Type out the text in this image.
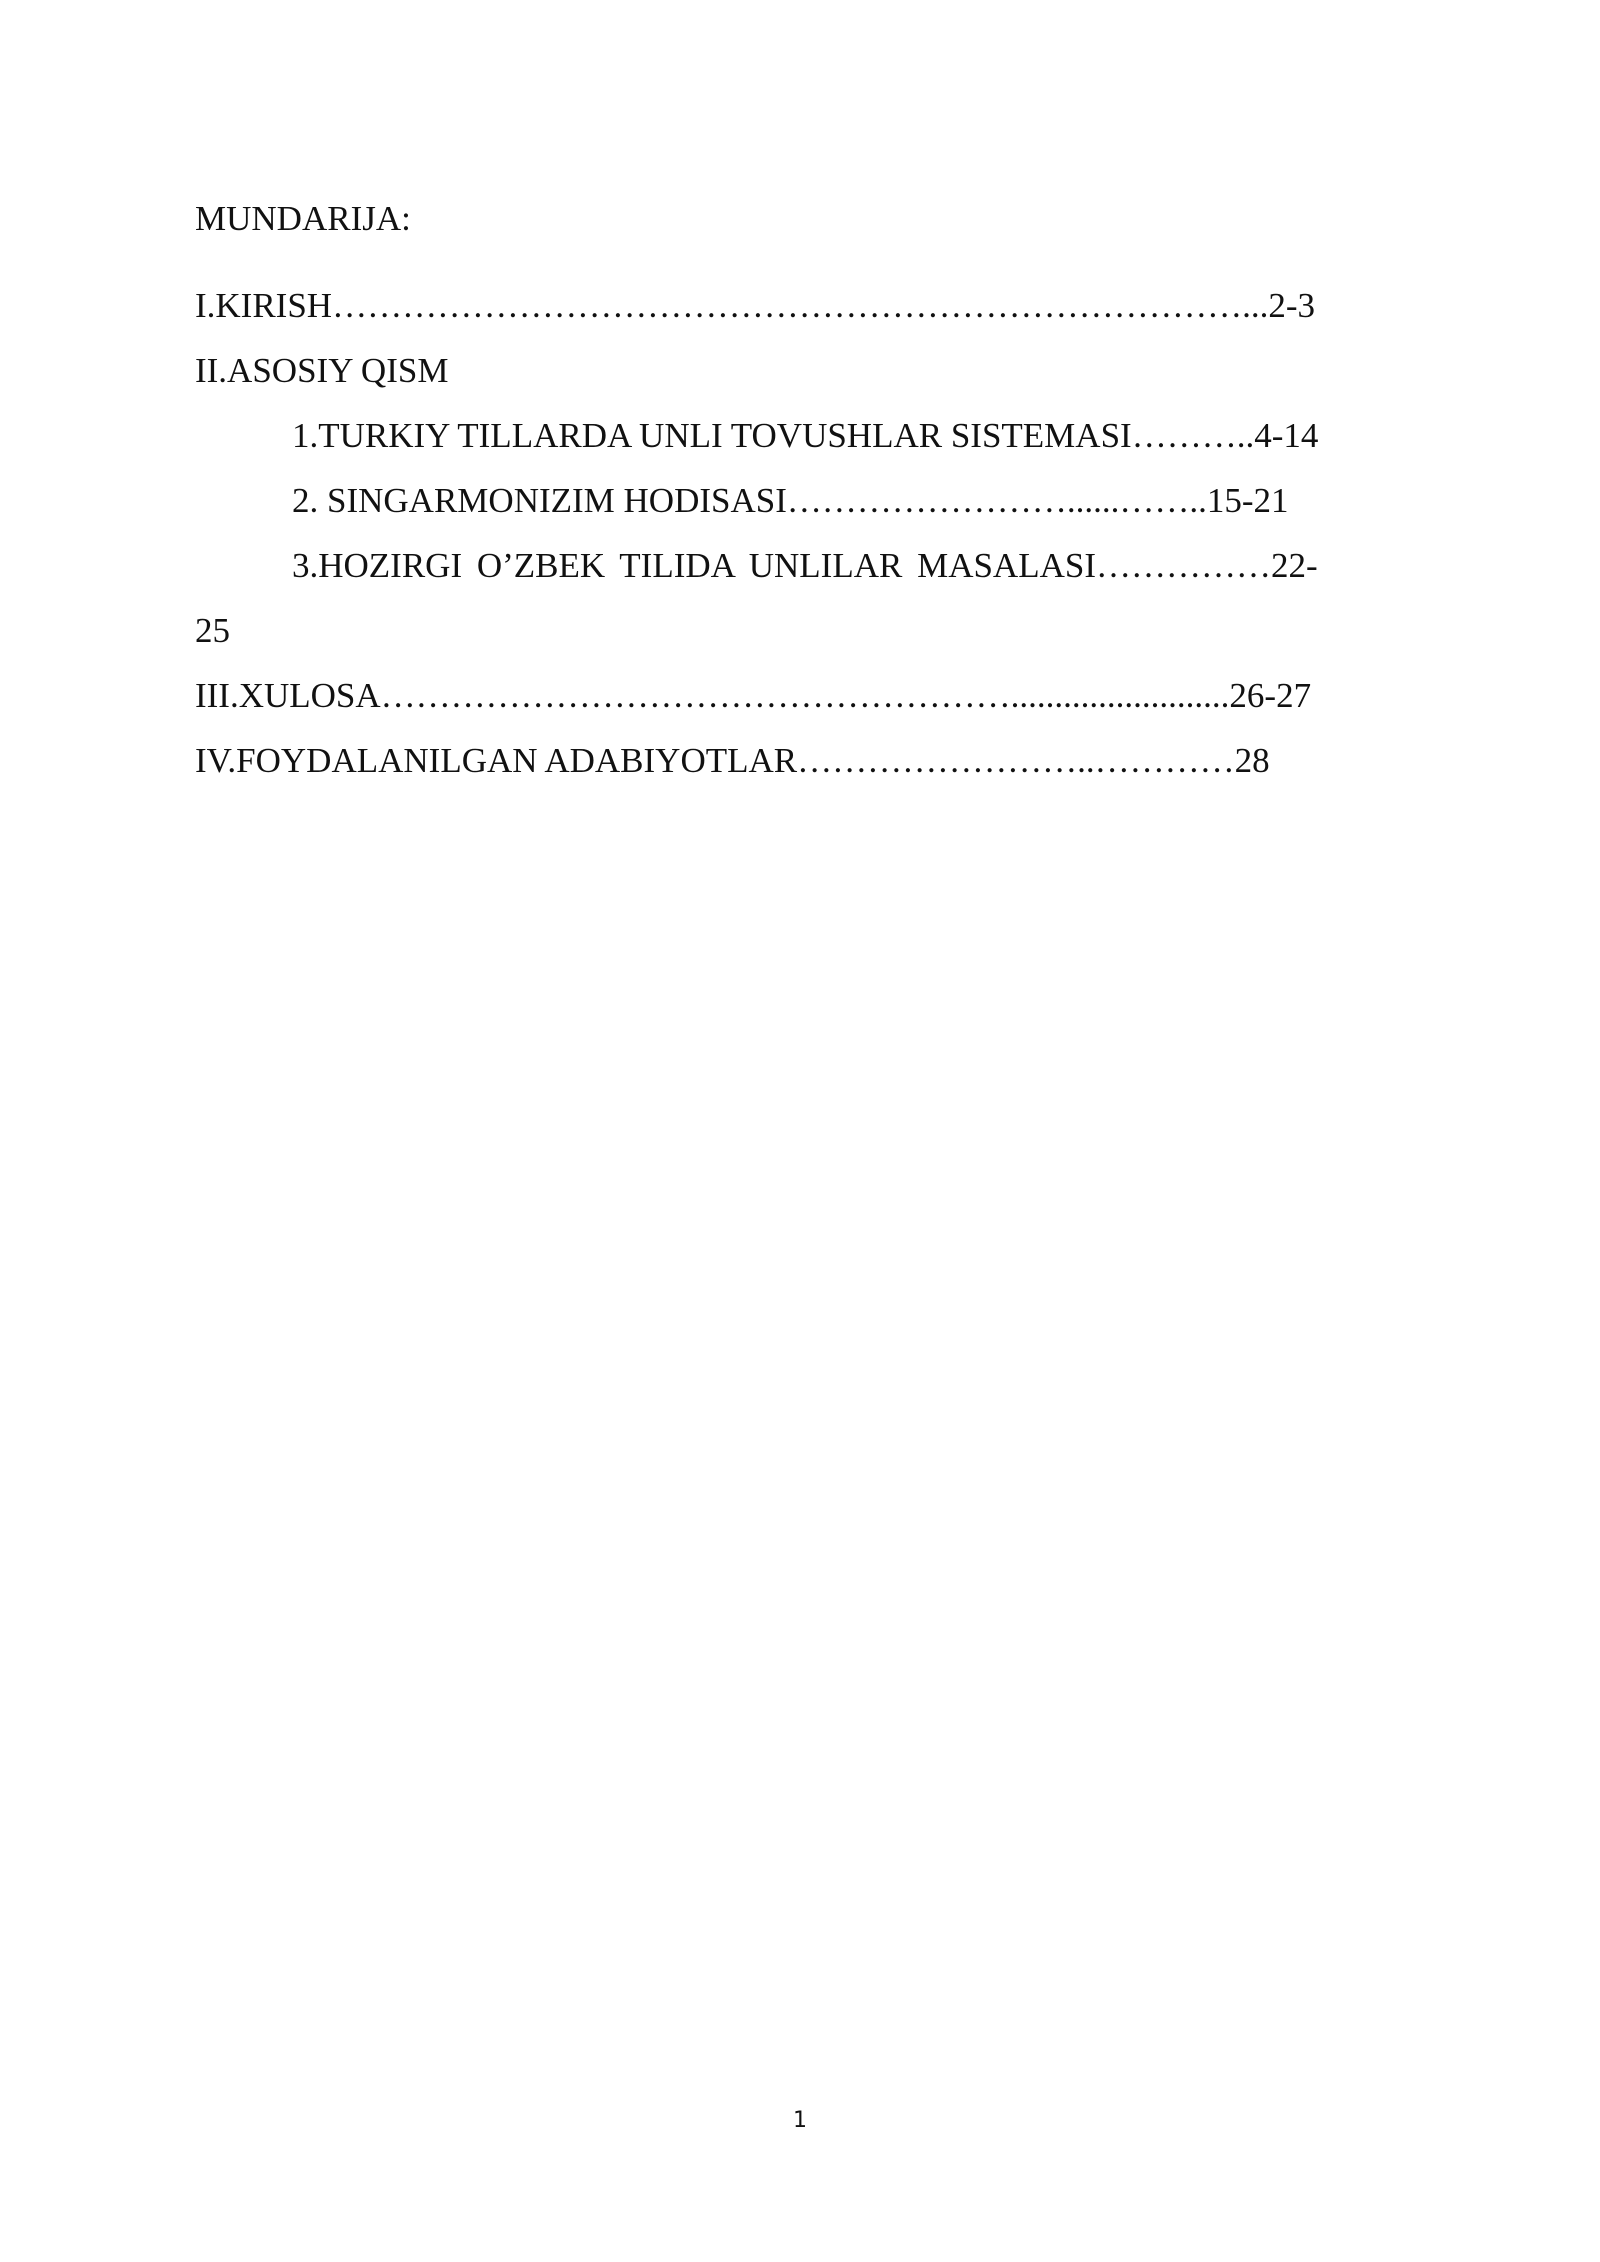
MUNDARIJA:
I.KIRISH……………………………………………………………………...2-3
II.ASOSIY QISM
1.TURKIY TILLARDA UNLI TOVUSHLAR SISTEMASI………..4-14
2. SINGARMONIZIM HODISASI……………………......……..15-21
3.HOZIRGI O’ZBEK TILIDA UNLILAR MASALASI……………22-
25
III.XULOSA……………………………………………….........................26-27
IV.FOYDALANILGAN ADABIYOTLAR……………………..…………28
1
